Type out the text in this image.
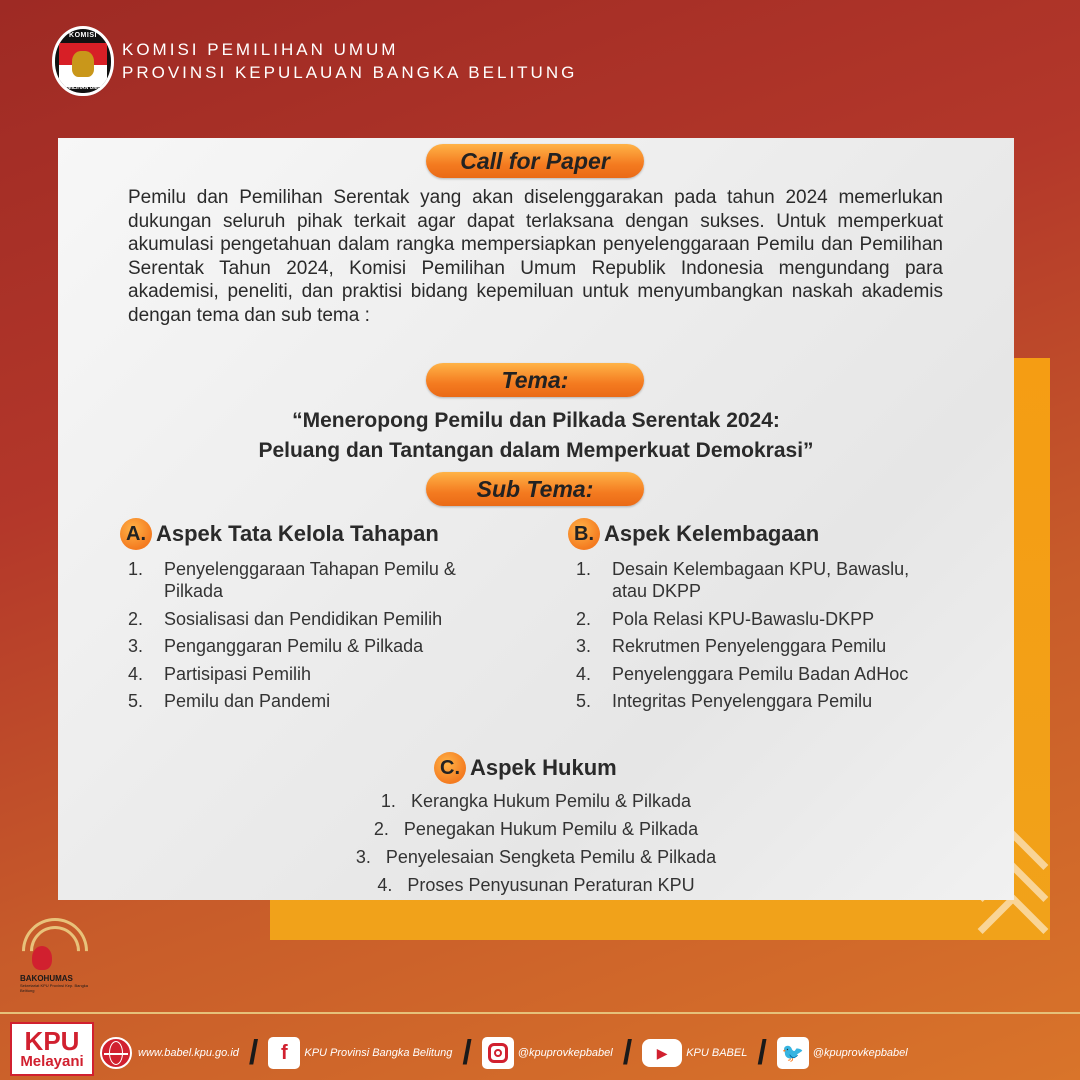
KOMISI
PEMILIHAN UMUM
KOMISI PEMILIHAN UMUM
PROVINSI KEPULAUAN BANGKA BELITUNG
Call for Paper

Pemilu dan Pemilihan Serentak yang akan diselenggarakan pada tahun 2024 memerlukan dukungan seluruh pihak terkait agar dapat terlaksana dengan sukses. Untuk memperkuat akumulasi pengetahuan dalam rangka mempersiapkan penyelenggaraan Pemilu dan Pemilihan Serentak Tahun 2024, Komisi Pemilihan Umum Republik Indonesia mengundang para akademisi, peneliti, dan praktisi bidang kepemiluan untuk menyumbangkan naskah akademis dengan tema dan sub tema :

Tema:
“Meneropong Pemilu dan Pilkada Serentak 2024:
Peluang dan Tantangan dalam Memperkuat Demokrasi”
Sub Tema:
A. Aspek Tata Kelola Tahapan
1.	Penyelenggaraan Tahapan Pemilu & Pilkada
2.	Sosialisasi dan Pendidikan Pemilih
3.	Penganggaran Pemilu & Pilkada
4.	Partisipasi Pemilih
5.	Pemilu dan Pandemi
B. Aspek Kelembagaan
1.	Desain Kelembagaan KPU, Bawaslu, atau DKPP
2.	Pola Relasi KPU-Bawaslu-DKPP
3.	Rekrutmen Penyelenggara Pemilu
4.	Penyelenggara Pemilu Badan AdHoc
5.	Integritas Penyelenggara Pemilu
C. Aspek Hukum
1. Kerangka Hukum Pemilu & Pilkada
2. Penegakan Hukum Pemilu & Pilkada
3. Penyelesaian Sengketa Pemilu & Pilkada
4. Proses Penyusunan Peraturan KPU
BAKOHUMAS
Sekretariat KPU Provinsi Kep. Bangka Belitung
KPU
Melayani	www.babel.kpu.go.id /	f	KPU Provinsi Bangka Belitung /	@kpuprovkepbabel /	▶	KPU BABEL / 🐦 @kpuprovkepbabel
